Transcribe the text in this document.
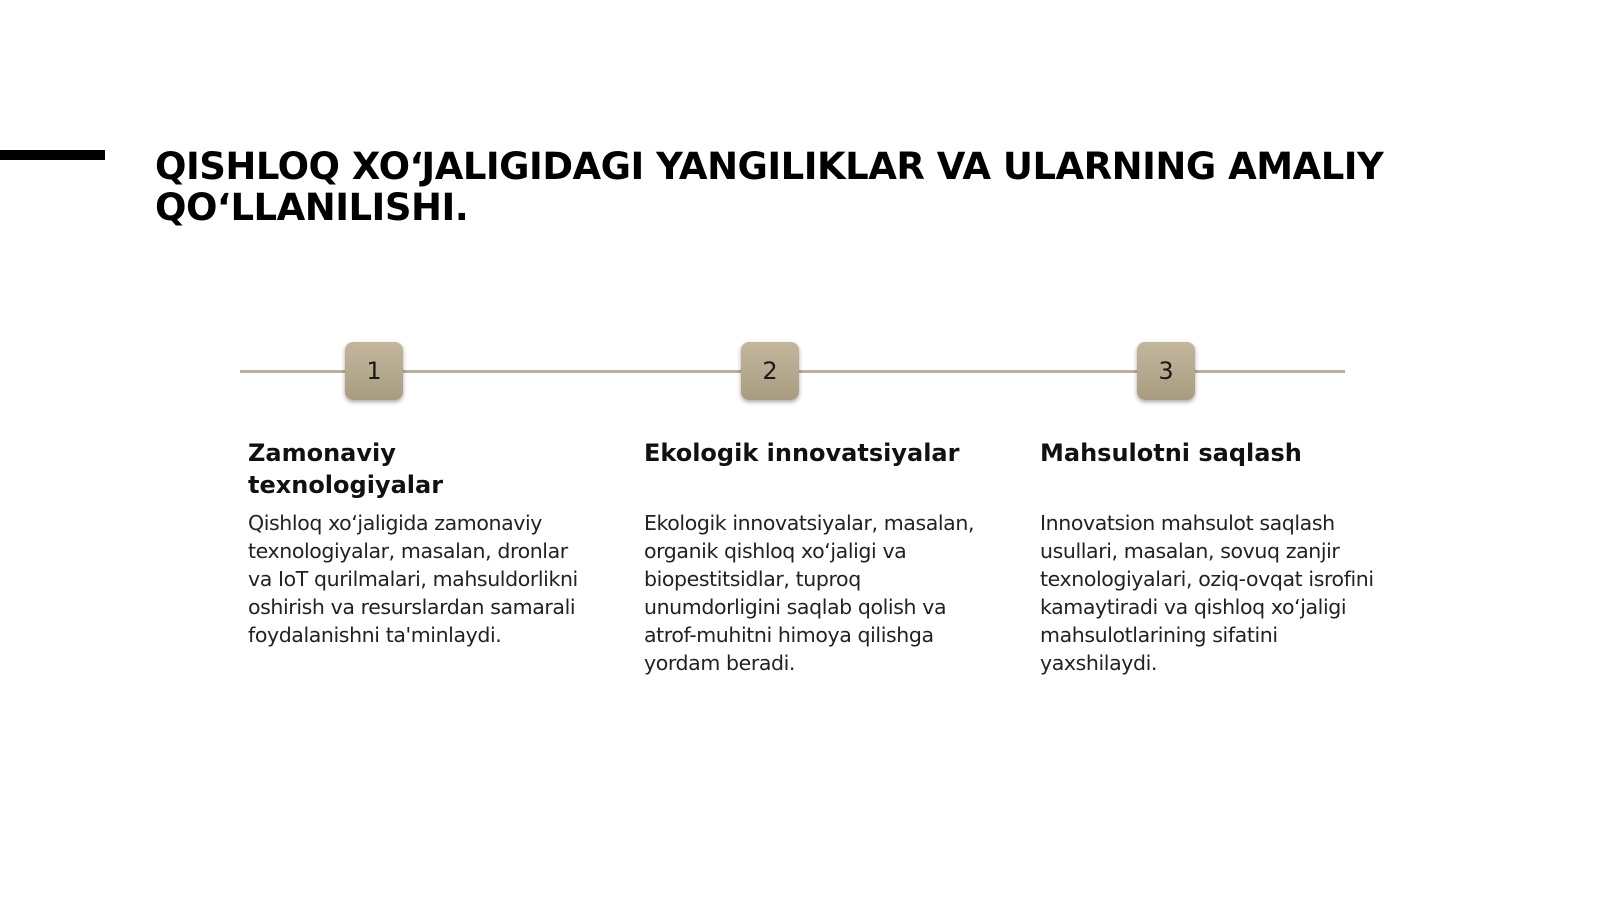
QISHLOQ XO‘JALIGIDAGI YANGILIKLAR VA ULARNING AMALIY QO‘LLANILISHI.
1	2	3
Zamonaviy texnologiyalar

Qishloq xo‘jaligida zamonaviy texnologiyalar, masalan, dronlar va IoT qurilmalari, mahsuldorlikni oshirish va resurslardan samarali foydalanishni ta'minlaydi.

Ekologik innovatsiyalar

Ekologik innovatsiyalar, masalan, organik qishloq xo‘jaligi va biopestitsidlar, tuproq unumdorligini saqlab qolish va atrof-muhitni himoya qilishga yordam beradi.

Mahsulotni saqlash

Innovatsion mahsulot saqlash usullari, masalan, sovuq zanjir texnologiyalari, oziq-ovqat isrofini kamaytiradi va qishloq xo‘jaligi mahsulotlarining sifatini yaxshilaydi.
